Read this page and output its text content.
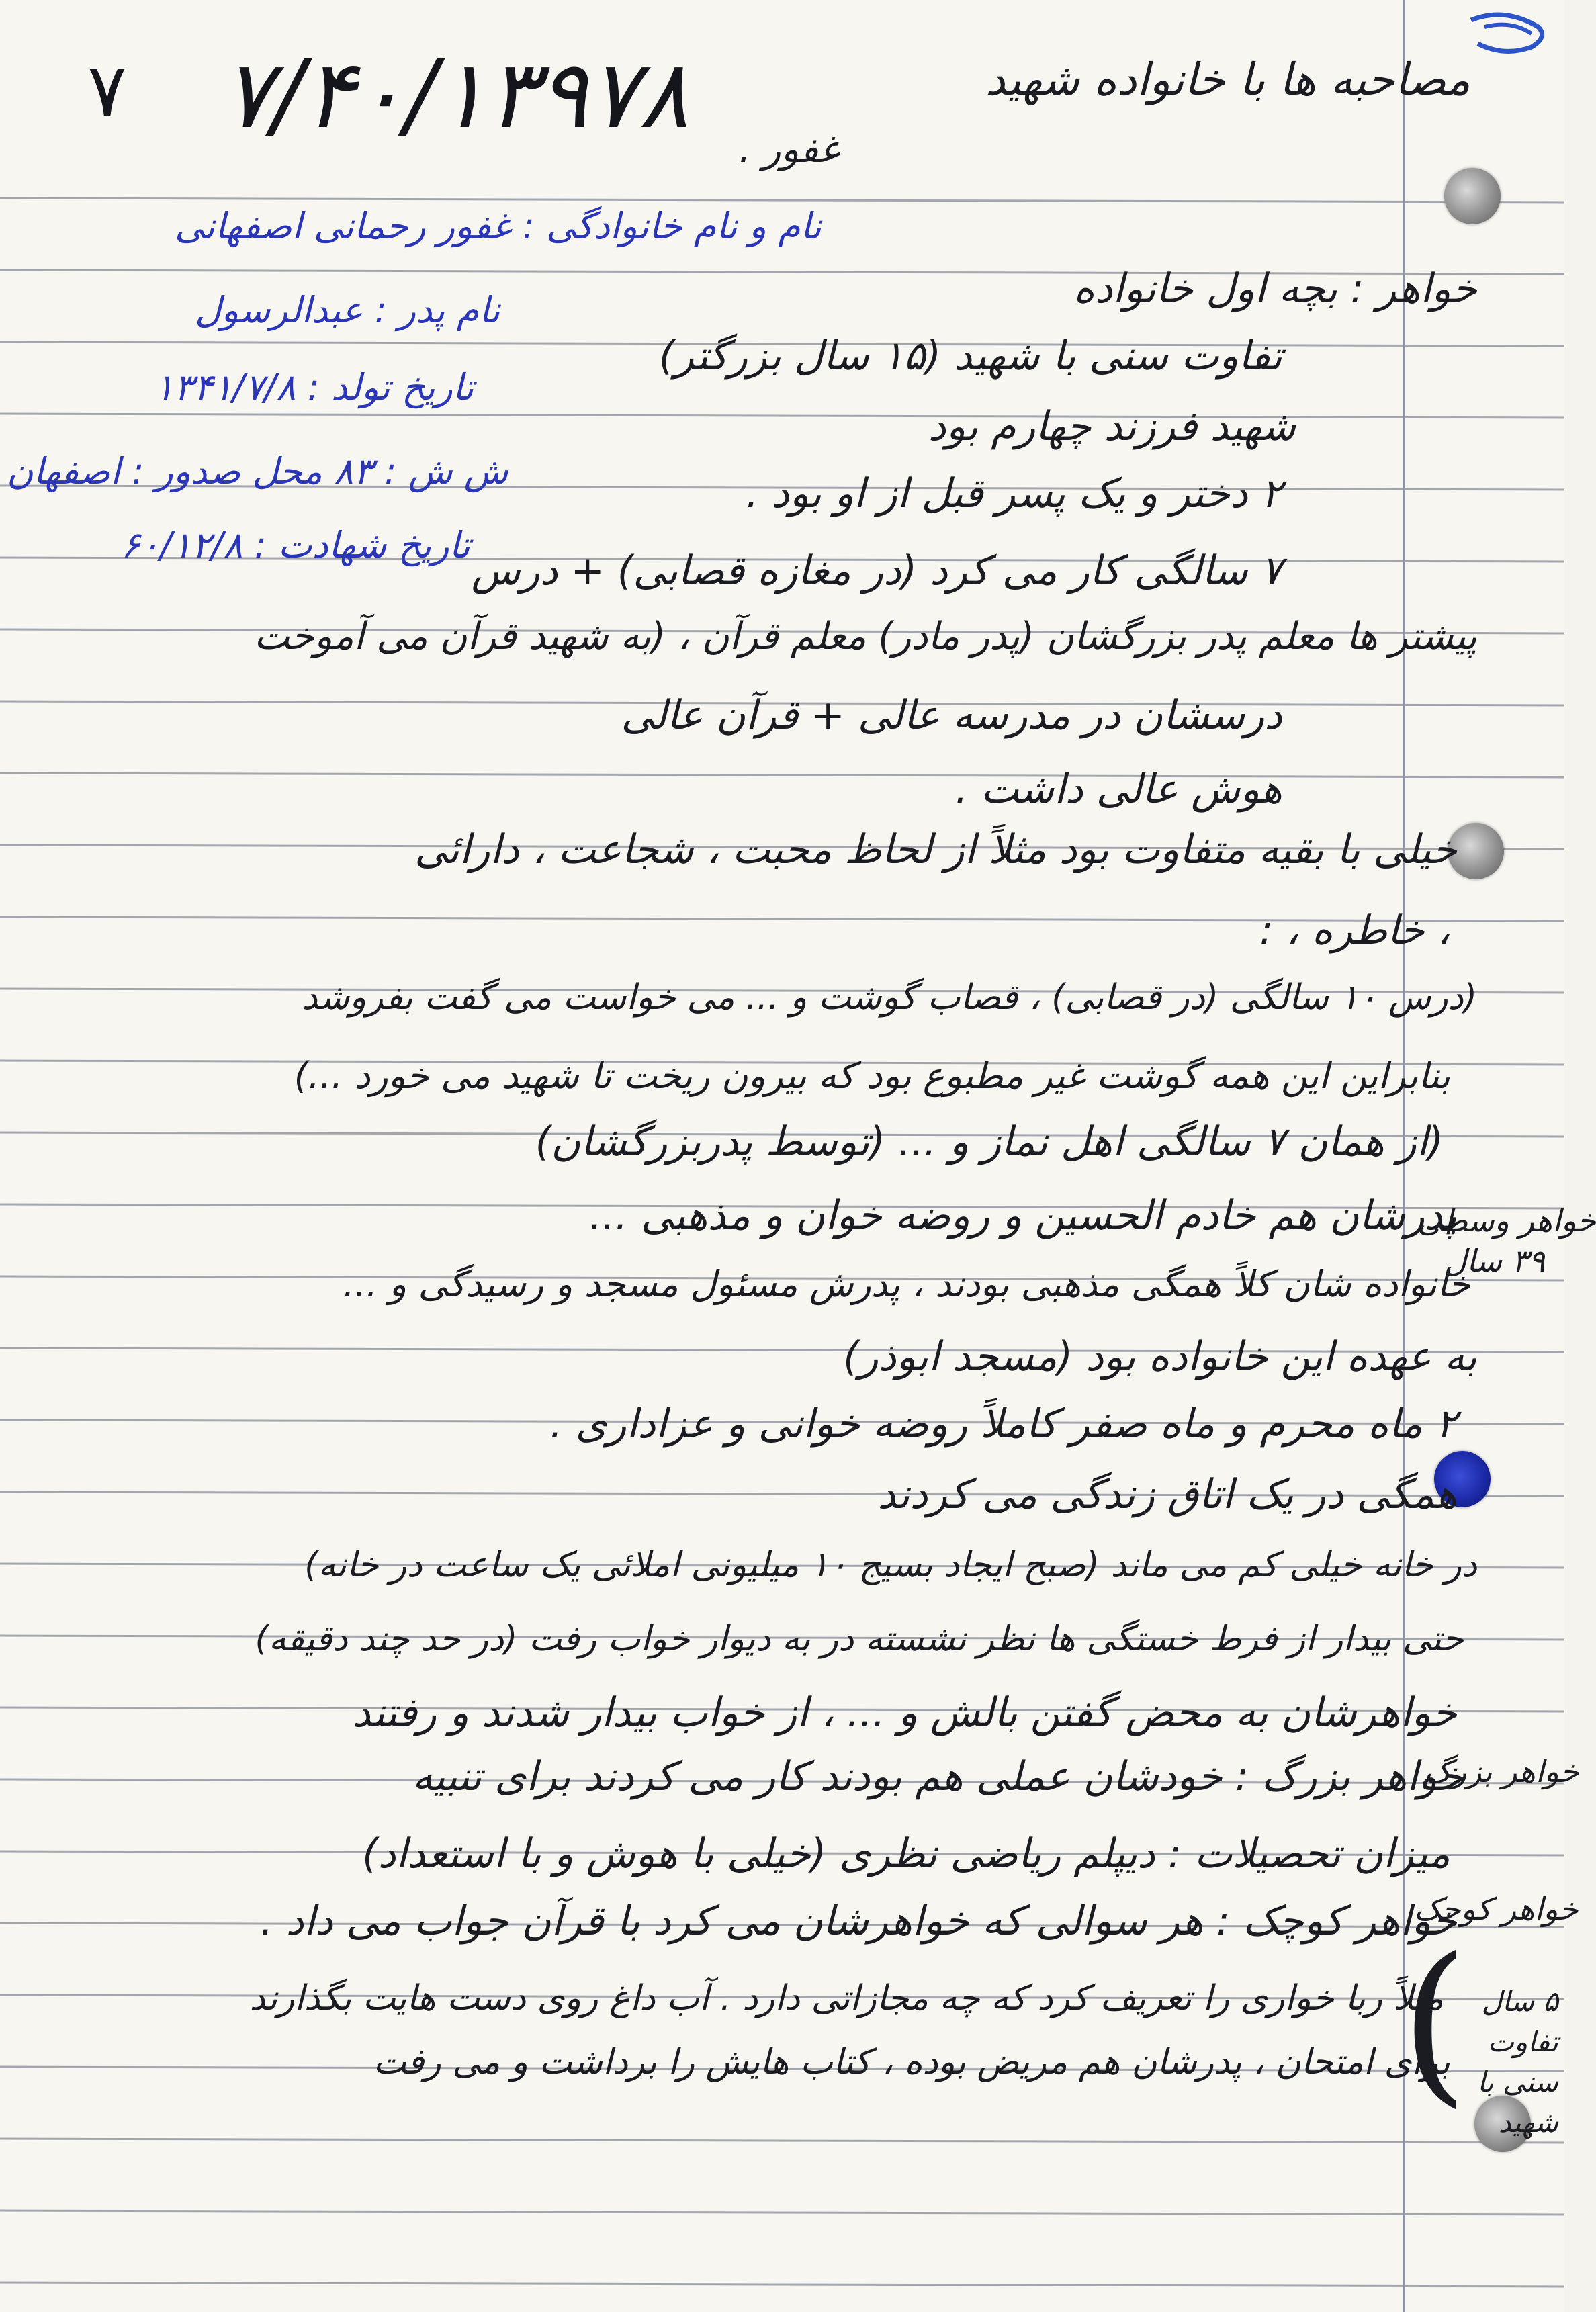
۷ ۷/۴۰/۱۳۹۷۸	مصاحبه ها با خانواده شهید
غفور .
نام و نام خانوادگی : غفور رحمانی اصفهانی
نام پدر : عبدالرسول
تاریخ تولد : ۱۳۴۱/۷/۸
ش ش : ۸۳ محل صدور : اصفهان
تاریخ شهادت : ۶۰/۱۲/۸
خواهر : بچه اول خانواده
تفاوت سنی با شهید (۱۵ سال بزرگتر)
شهید فرزند چهارم بود
۲ دختر و یک پسر قبل از او بود .
۷ سالگی کار می کرد (در مغازه قصابی) + درس
پیشتر ها معلم پدر بزرگشان (پدر مادر) معلم قرآن ، (به شهید قرآن می آموخت
درسشان در مدرسه عالی + قرآن عالی
هوش عالی داشت .
خیلی با بقیه متفاوت بود مثلاً از لحاظ محبت ، شجاعت ، دارائی
، خاطره ، :
(درس ۱۰ سالگی (در قصابی) ، قصاب گوشت و ... می خواست می گفت بفروشد
بنابراین این همه گوشت غیر مطبوع بود که بیرون ریخت تا شهید می خورد ...)
(از همان ۷ سالگی اهل نماز و ... (توسط پدربزرگشان)
پدرشان هم خادم الحسین و روضه خوان و مذهبی ...
خانواده شان کلاً همگی مذهبی بودند ، پدرش مسئول مسجد و رسیدگی و ...
به عهده این خانواده بود (مسجد ابوذر)
۲ ماه محرم و ماه صفر کاملاً روضه خوانی و عزاداری .
همگی در یک اتاق زندگی می کردند
در خانه خیلی کم می ماند (صبح ایجاد بسیج ۱۰ میلیونی املائی یک ساعت در خانه)
حتی بیدار از فرط خستگی ها نظر نشسته در به دیوار خواب رفت (در حد چند دقیقه)
خواهرشان به محض گفتن بالش و ... ، از خواب بیدار شدند و رفتند
خواهر بزرگ : خودشان عملی هم بودند کار می کردند برای تنبیه
میزان تحصیلات : دیپلم ریاضی نظری (خیلی با هوش و با استعداد)
خواهر کوچک : هر سوالی که خواهرشان می کرد با قرآن جواب می داد .
مثلاً ربا خواری را تعریف کرد که چه مجازاتی دارد . آب داغ روی دست هایت بگذارند
برای امتحان ، پدرشان هم مریض بوده ، کتاب هایش را برداشت و می رفت
خواهر وسطی
۳۹ سال
خواهر بزرگ
خواهر کوچک
۵ سال تفاوت سنی با شهید
(
